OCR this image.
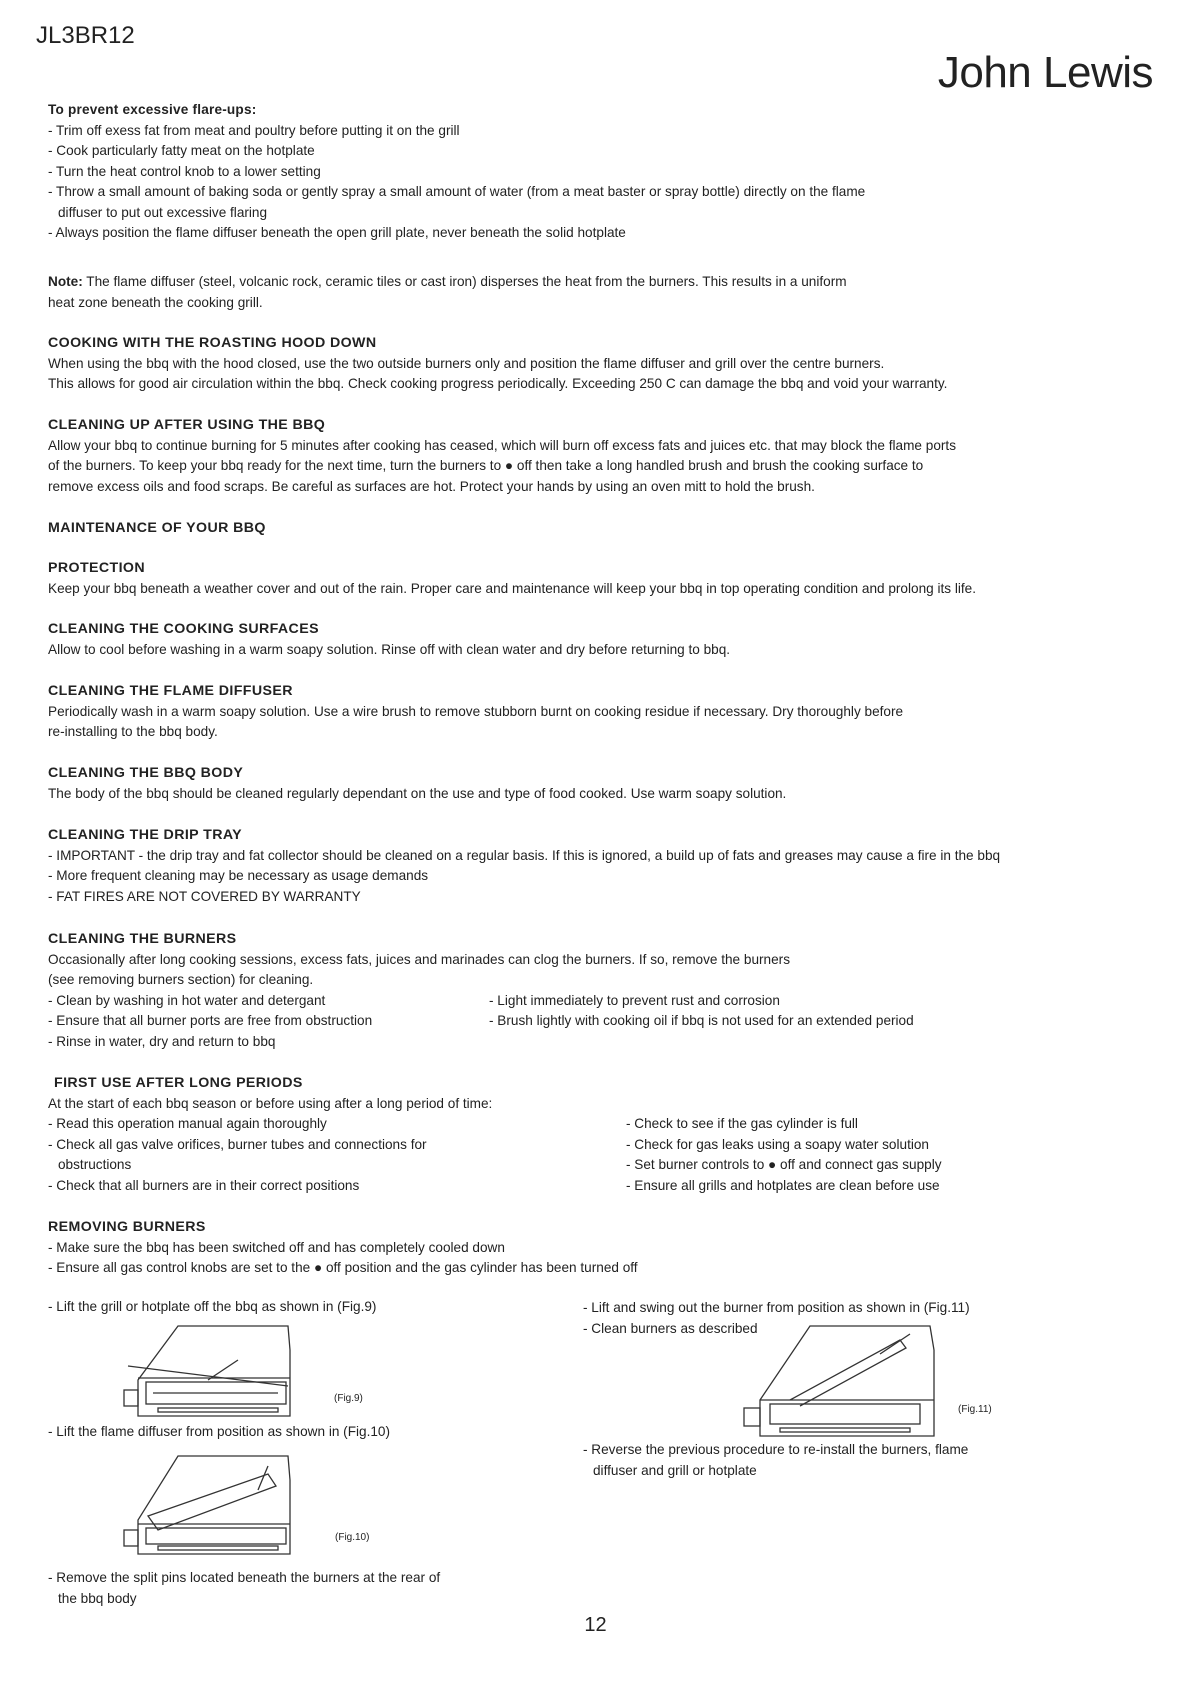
JL3BR12
John Lewis
To prevent excessive flare-ups:
- Trim off exess fat from meat and poultry before putting it on the grill
- Cook particularly fatty meat on the hotplate
- Turn the heat control knob to a lower setting
- Throw a small amount of baking soda or gently spray a small amount of water (from a meat baster or spray bottle) directly on the flame
diffuser to put out excessive flaring
- Always position the flame diffuser beneath the open grill plate, never beneath the solid hotplate
Note: The flame diffuser (steel, volcanic rock, ceramic tiles or cast iron) disperses the heat from the burners. This results in a uniform
heat zone beneath the cooking grill.
COOKING WITH THE ROASTING HOOD DOWN
When using the bbq with the hood closed, use the two outside burners only and position the flame diffuser and grill over the centre burners.
This allows for good air circulation within the bbq. Check cooking progress periodically. Exceeding 250 C can damage the bbq and void your warranty.
CLEANING UP AFTER USING THE BBQ
Allow your bbq to continue burning for 5 minutes after cooking has ceased, which will burn off excess fats and juices etc. that may block the flame ports
of the burners. To keep your bbq ready for the next time, turn the burners to ● off then take a long handled brush and brush the cooking surface to
remove excess oils and food scraps. Be careful as surfaces are hot. Protect your hands by using an oven mitt to hold the brush.
MAINTENANCE OF YOUR BBQ
PROTECTION
Keep your bbq beneath a weather cover and out of the rain. Proper care and maintenance will keep your bbq in top operating condition and prolong its life.
CLEANING THE COOKING SURFACES
Allow to cool before washing in a warm soapy solution. Rinse off with clean water and dry before returning to bbq.
CLEANING THE FLAME DIFFUSER
Periodically wash in a warm soapy solution. Use a wire brush to remove stubborn burnt on cooking residue if necessary. Dry thoroughly before
re-installing to the bbq body.
CLEANING THE BBQ BODY
The body of the bbq should be cleaned regularly dependant on the use and type of food cooked. Use warm soapy solution.
CLEANING THE DRIP TRAY
- IMPORTANT - the drip tray and fat collector should be cleaned on a regular basis. If this is ignored, a build up of fats and greases may cause a fire in the bbq
- More frequent cleaning may be necessary as usage demands
- FAT FIRES ARE NOT COVERED BY WARRANTY
CLEANING THE BURNERS
Occasionally after long cooking sessions, excess fats, juices and marinades can clog the burners. If so, remove the burners
(see removing burners section) for cleaning.
- Clean by washing in hot water and detergant
- Ensure that all burner ports are free from obstruction
- Rinse in water, dry and return to bbq
- Light immediately to prevent rust and corrosion
- Brush lightly with cooking oil if bbq is not used for an extended period
FIRST USE AFTER LONG PERIODS
At the start of each bbq season or before using after a long period of time:
- Read this operation manual again thoroughly
- Check all gas valve orifices, burner tubes and connections for
obstructions
- Check that all burners are in their correct positions
- Check to see if the gas cylinder is full
- Check for gas leaks using a soapy water solution
- Set burner controls to ● off and connect gas supply
- Ensure all grills and hotplates are clean before use
REMOVING BURNERS
- Make sure the bbq has been switched off and has completely cooled down
- Ensure all gas control knobs are set to the ● off position and the gas cylinder has been turned off
- Lift the grill or hotplate off the bbq as shown in (Fig.9)
- Lift the flame diffuser from position as shown in (Fig.10)
- Remove the split pins located beneath the burners at the rear of
the bbq body
- Lift and swing out the burner from position as shown in (Fig.11)
- Clean burners as described
- Reverse the previous procedure to re-install the burners, flame
diffuser and grill or hotplate
(Fig.9)
(Fig.10)
(Fig.11)
12
